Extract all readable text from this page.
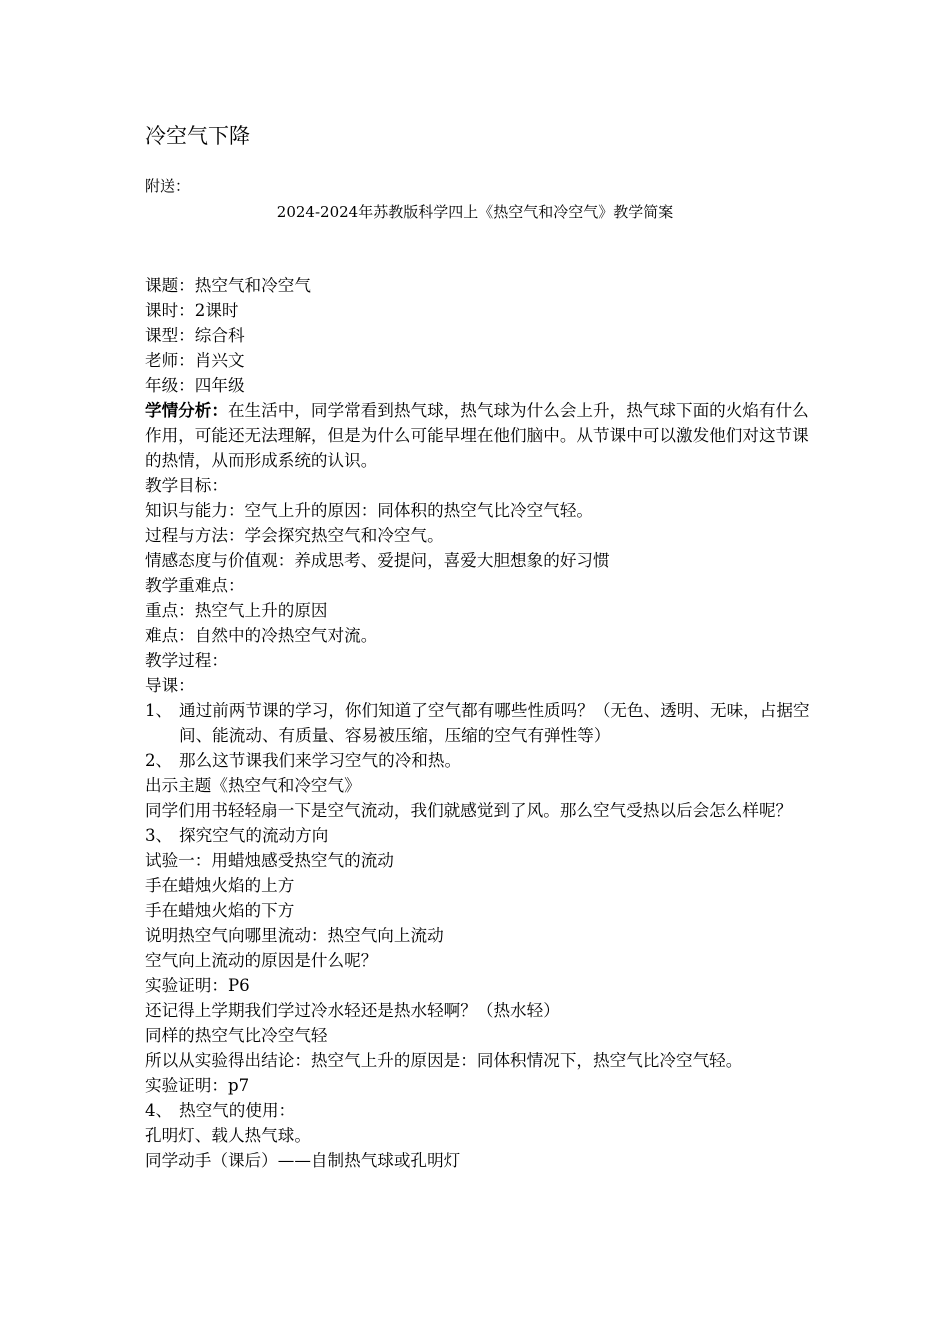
冷空气下降
附送：
2024-2024年苏教版科学四上《热空气和冷空气》教学简案
课题：热空气和冷空气
课时：2课时
课型：综合科
老师：肖兴文
年级：四年级
学情分析：在生活中，同学常看到热气球，热气球为什么会上升，热气球下面的火焰有什么作用，可能还无法理解，但是为什么可能早埋在他们脑中。从节课中可以激发他们对这节课的热情，从而形成系统的认识。
教学目标：
知识与能力：空气上升的原因：同体积的热空气比冷空气轻。
过程与方法：学会探究热空气和冷空气。
情感态度与价值观：养成思考、爱提问，喜爱大胆想象的好习惯
教学重难点：
重点：热空气上升的原因
难点：自然中的冷热空气对流。
教学过程：
导课：
1、 通过前两节课的学习，你们知道了空气都有哪些性质吗？（无色、透明、无味，占据空间、能流动、有质量、容易被压缩，压缩的空气有弹性等）
2、 那么这节课我们来学习空气的冷和热。
出示主题《热空气和冷空气》
同学们用书轻轻扇一下是空气流动，我们就感觉到了风。那么空气受热以后会怎么样呢？
3、 探究空气的流动方向
试验一：用蜡烛感受热空气的流动
手在蜡烛火焰的上方
手在蜡烛火焰的下方
说明热空气向哪里流动：热空气向上流动
空气向上流动的原因是什么呢？
实验证明：P6
还记得上学期我们学过冷水轻还是热水轻啊？（热水轻）
同样的热空气比冷空气轻
所以从实验得出结论：热空气上升的原因是：同体积情况下，热空气比冷空气轻。
实验证明：p7
4、 热空气的使用：
孔明灯、载人热气球。
同学动手（课后）——自制热气球或孔明灯
